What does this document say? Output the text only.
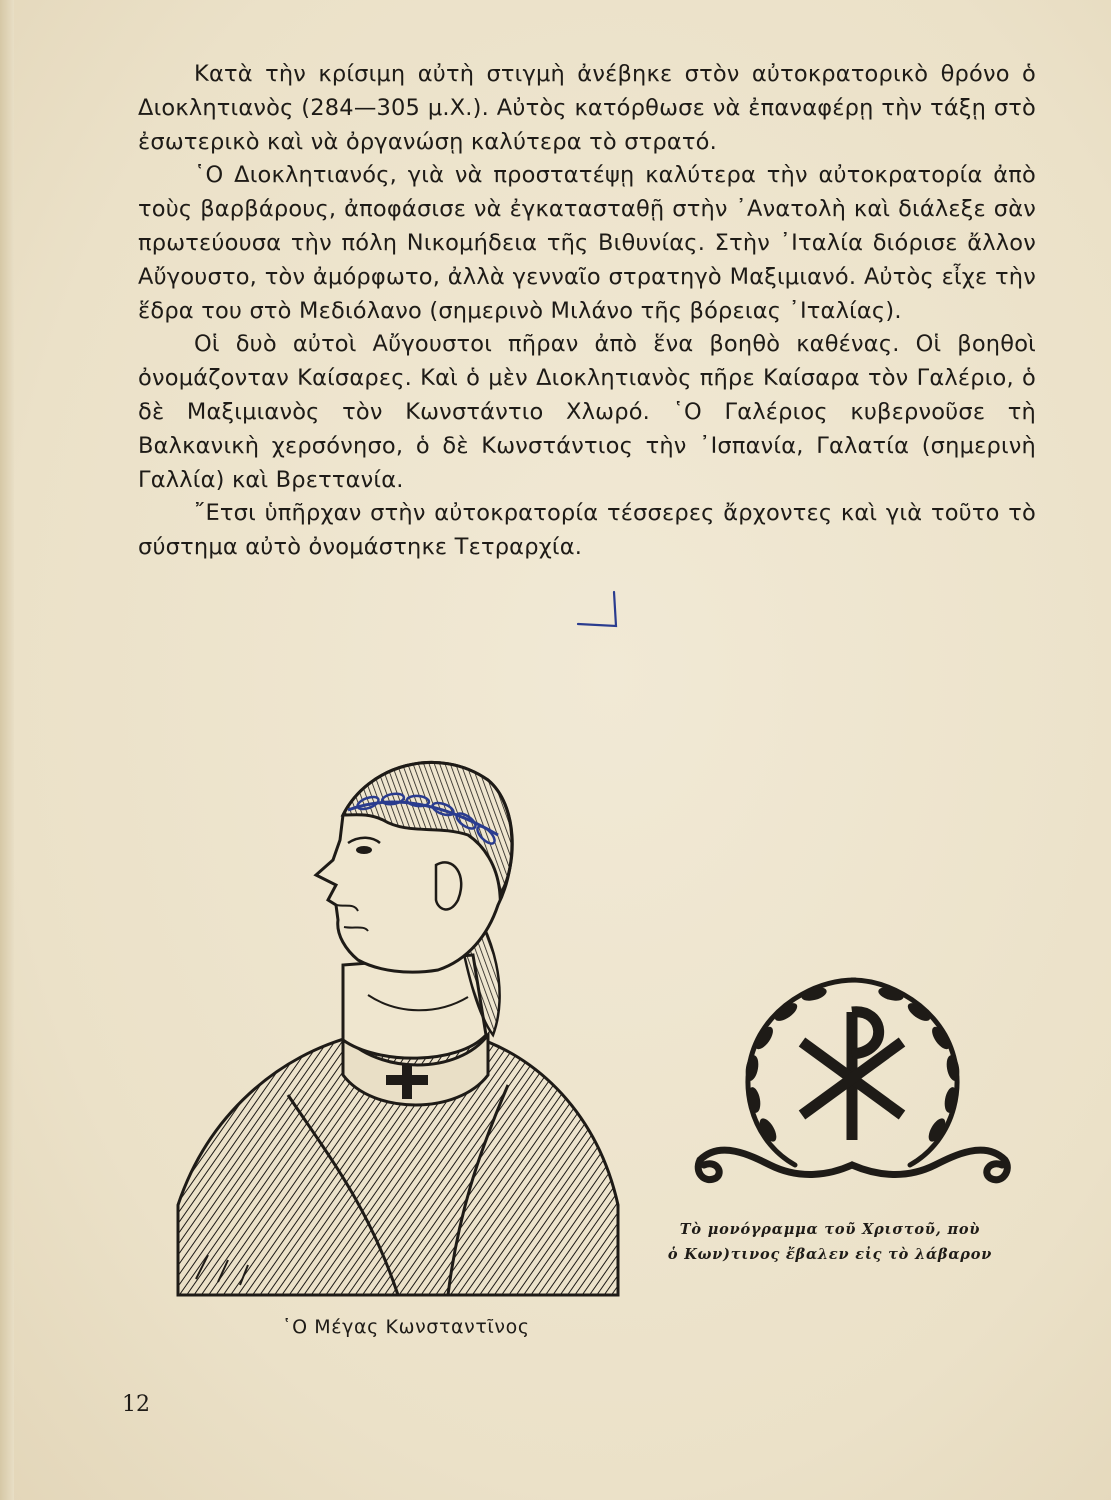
Κατὰ τὴν κρίσιμη αὐτὴ στιγμὴ ἀνέβηκε στὸν αὐτοκρατορικὸ θρόνο ὁ Διοκλητιανὸς (284—305 μ.Χ.). Αὐτὸς κατόρθωσε νὰ ἐπαναφέρῃ τὴν τάξῃ στὸ ἐσωτερικὸ καὶ νὰ ὀργανώσῃ καλύτερα τὸ στρατό.

῾Ο Διοκλητιανός, γιὰ νὰ προστατέψῃ καλύτερα τὴν αὐτοκρατορία ἀπὸ τοὺς βαρβάρους, ἀποφάσισε νὰ ἐγκατασταθῇ στὴν ᾿Ανατολὴ καὶ διάλεξε σὰν πρωτεύουσα τὴν πόλη Νικομήδεια τῆς Βιθυνίας. Στὴν ᾿Ιταλία διόρισε ἄλλον Αὔγουστο, τὸν ἀμόρφωτο, ἀλλὰ γενναῖο στρατηγὸ Μαξιμιανό. Αὐτὸς εἶχε τὴν ἕδρα του στὸ Μεδιόλανο (σημερινὸ Μιλάνο τῆς βόρειας ᾿Ιταλίας).

Οἱ δυὸ αὐτοὶ Αὔγουστοι πῆραν ἀπὸ ἕνα βοηθὸ καθένας. Οἱ βοηθοὶ ὀνομάζονταν Καίσαρες. Καὶ ὁ μὲν Διοκλητιανὸς πῆρε Καίσαρα τὸν Γαλέριο, ὁ δὲ Μαξιμιανὸς τὸν Κωνστάντιο Χλωρό. ῾Ο Γαλέριος κυβερνοῦσε τὴ Βαλκανικὴ χερσόνησο, ὁ δὲ Κωνστάντιος τὴν ᾿Ισπανία, Γαλατία (σημερινὴ Γαλλία) καὶ Βρεττανία.

῎Ετσι ὑπῆρχαν στὴν αὐτοκρατορία τέσσερες ἄρχοντες καὶ γιὰ τοῦτο τὸ σύστημα αὐτὸ ὀνομάστηκε Τετραρχία.

῾Ο Μέγας Κωνσταντῖνος
Τὸ μονόγραμμα τοῦ Χριστοῦ, ποὺ
ὁ Κων)τινος ἔβαλεν εἰς τὸ λάβαρον
12
